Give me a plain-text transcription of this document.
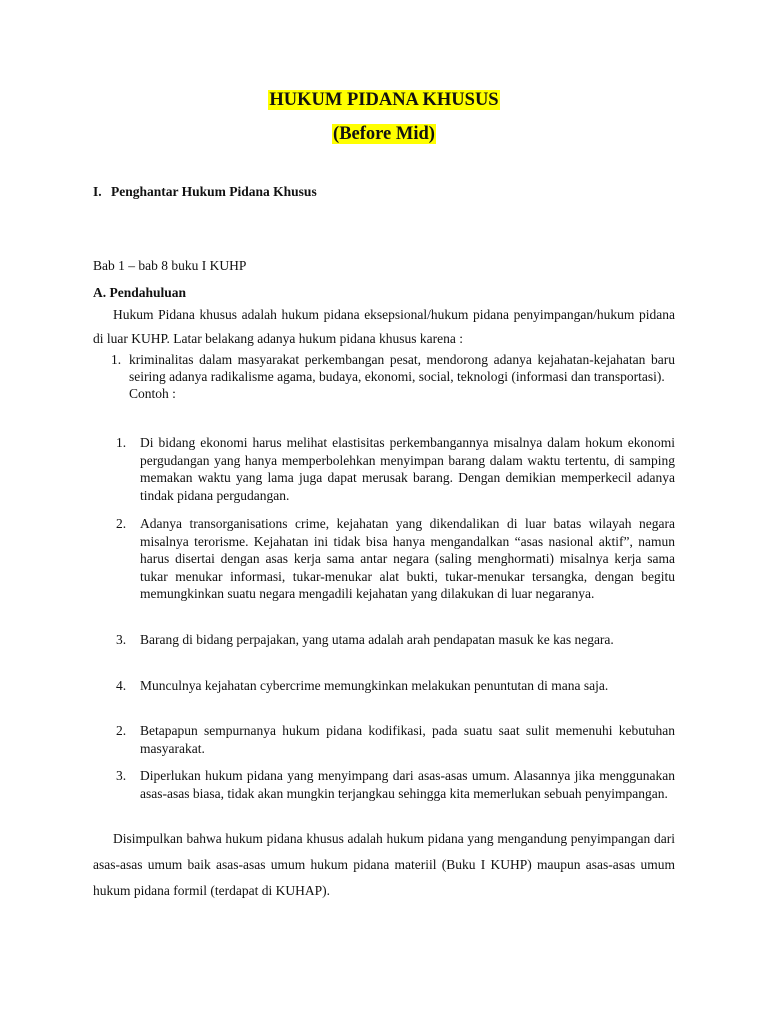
HUKUM PIDANA KHUSUS
(Before Mid)
I. Penghantar Hukum Pidana Khusus
Bab 1 – bab 8 buku I KUHP
A. Pendahuluan
Hukum Pidana khusus adalah hukum pidana eksepsional/hukum pidana penyimpangan/hukum pidana di luar KUHP. Latar belakang adanya hukum pidana khusus karena :
1. kriminalitas dalam masyarakat perkembangan pesat, mendorong adanya kejahatan-kejahatan baru seiring adanya radikalisme agama, budaya, ekonomi, social, teknologi (informasi dan transportasi).
Contoh :
1. Di bidang ekonomi harus melihat elastisitas perkembangannya misalnya dalam hokum ekonomi pergudangan yang hanya memperbolehkan menyimpan barang dalam waktu tertentu, di samping memakan waktu yang lama juga dapat merusak barang. Dengan demikian memperkecil adanya tindak pidana pergudangan.
2. Adanya transorganisations crime, kejahatan yang dikendalikan di luar batas wilayah negara misalnya terorisme. Kejahatan ini tidak bisa hanya mengandalkan “asas nasional aktif”, namun harus disertai dengan asas kerja sama antar negara (saling menghormati) misalnya kerja sama tukar menukar informasi, tukar-menukar alat bukti, tukar-menukar tersangka, dengan begitu memungkinkan suatu negara mengadili kejahatan yang dilakukan di luar negaranya.
3. Barang di bidang perpajakan, yang utama adalah arah pendapatan masuk ke kas negara.
4. Munculnya kejahatan cybercrime memungkinkan melakukan penuntutan di mana saja.
2. Betapapun sempurnanya hukum pidana kodifikasi, pada suatu saat sulit memenuhi kebutuhan masyarakat.
3. Diperlukan hukum pidana yang menyimpang dari asas-asas umum. Alasannya jika menggunakan asas-asas biasa, tidak akan mungkin terjangkau sehingga kita memerlukan sebuah penyimpangan.
Disimpulkan bahwa hukum pidana khusus adalah hukum pidana yang mengandung penyimpangan dari asas-asas umum baik asas-asas umum hukum pidana materiil (Buku I KUHP) maupun asas-asas umum hukum pidana formil (terdapat di KUHAP).
